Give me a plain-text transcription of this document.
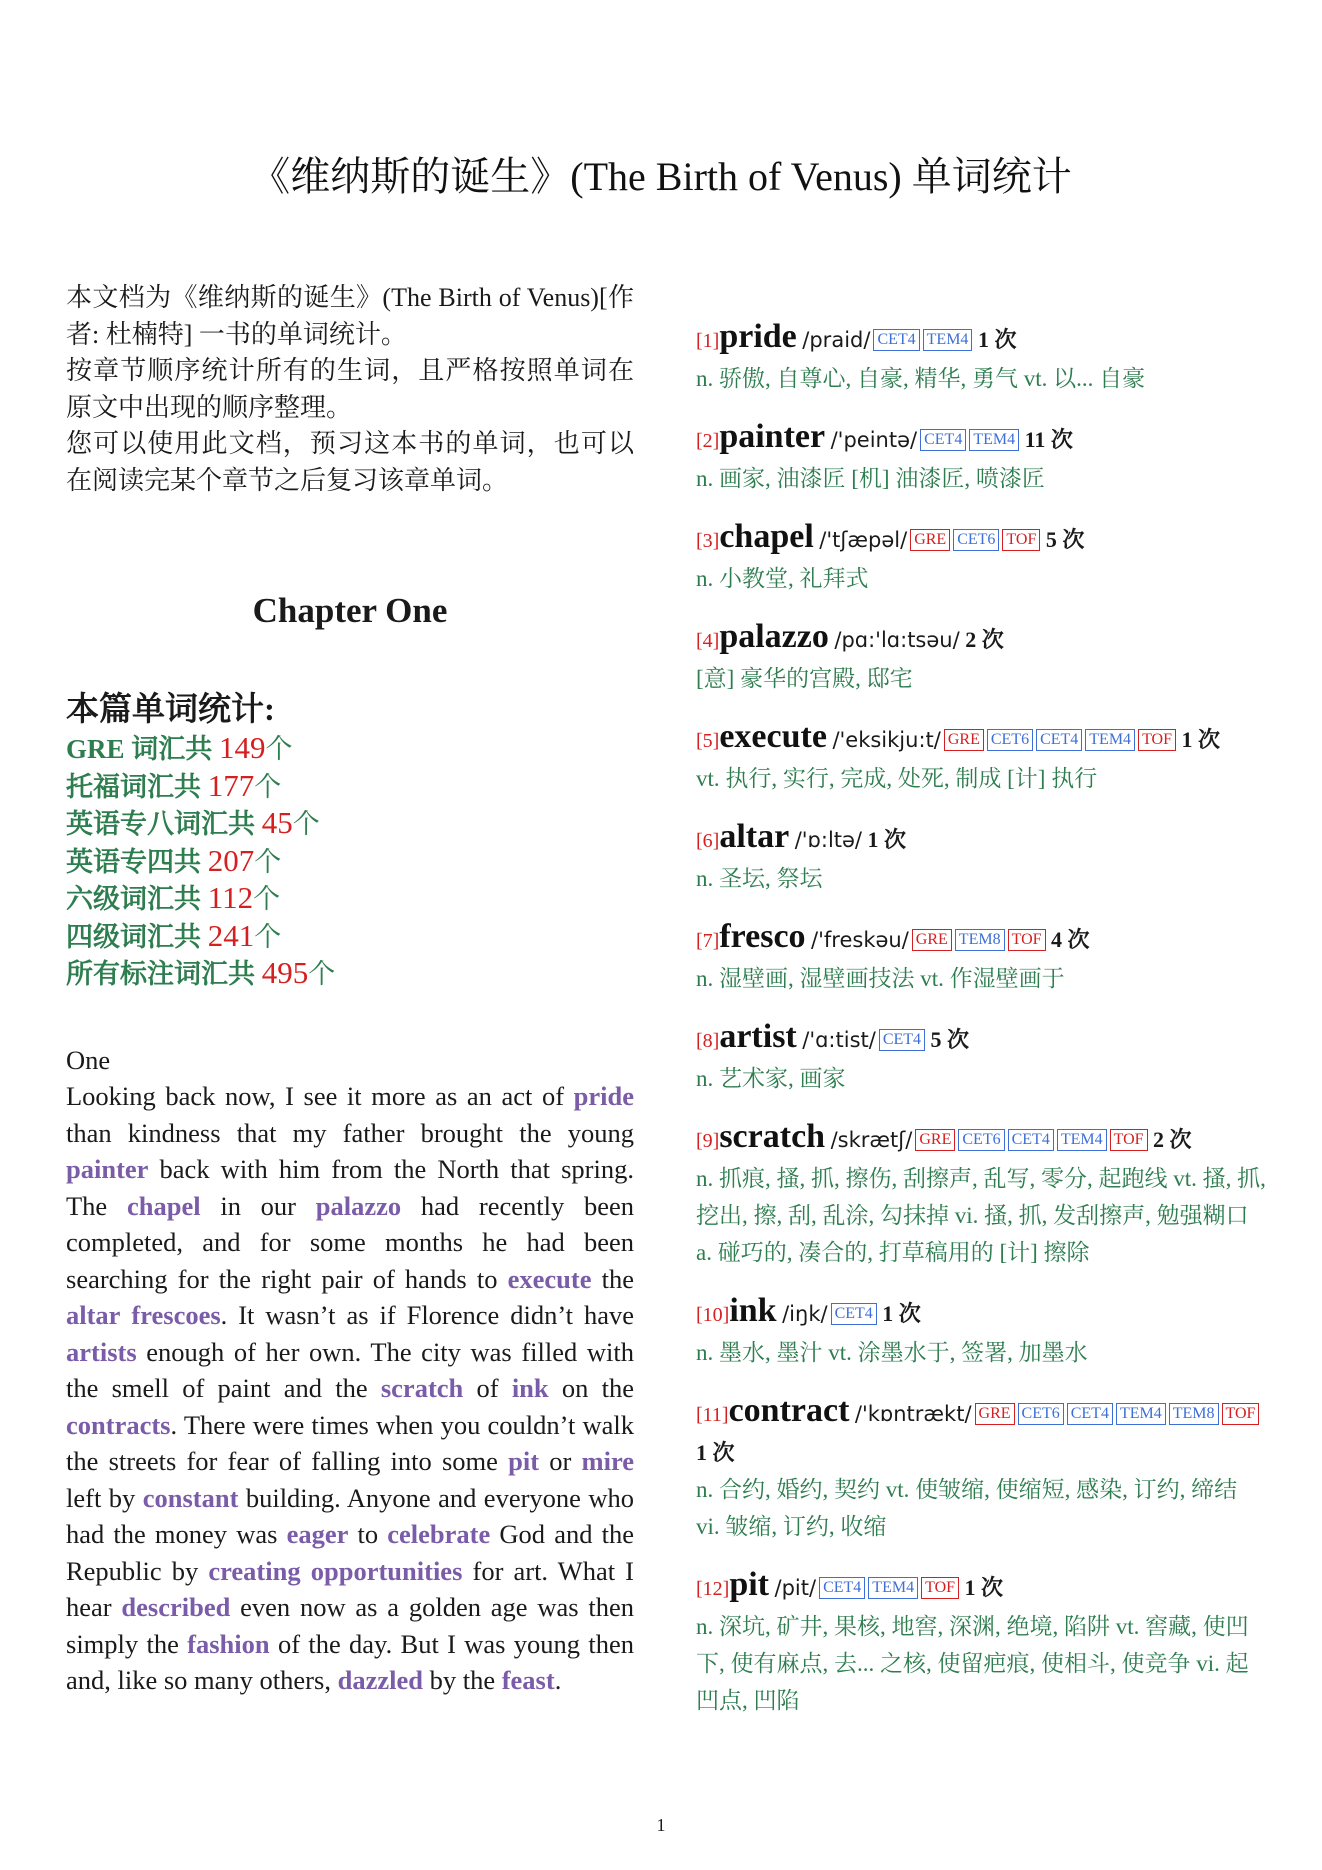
《维纳斯的诞生》(The Birth of Venus) 单词统计

本文档为《维纳斯的诞生》(The Birth of Venus)[作者: 杜楠特] 一书的单词统计。

按章节顺序统计所有的生词，且严格按照单词在原文中出现的顺序整理。

您可以使用此文档，预习这本书的单词，也可以在阅读完某个章节之后复习该章单词。

Chapter One
本篇单词统计:
GRE 词汇共 149个
托福词汇共 177个
英语专八词汇共 45个
英语专四共 207个
六级词汇共 112个
四级词汇共 241个
所有标注词汇共 495个
One
Looking back now, I see it more as an act of pride than kindness that my father brought the young painter back with him from the North that spring. The chapel in our palazzo had recently been completed, and for some months he had been searching for the right pair of hands to execute the altar frescoes. It wasn’t as if Florence didn’t have artists enough of her own. The city was filled with the smell of paint and the scratch of ink on the contracts. There were times when you couldn’t walk the streets for fear of falling into some pit or mire left by constant building. Anyone and everyone who had the money was eager to celebrate God and the Republic by creating opportunities for art. What I hear described even now as a golden age was then simply the fashion of the day. But I was young then and, like so many others, dazzled by the feast.
[1]pride /praid/ CET4 TEM4 1 次
n. 骄傲, 自尊心, 自豪, 精华, 勇气 vt. 以... 自豪
[2]painter /'peintə/ CET4 TEM4 11 次
n. 画家, 油漆匠 [机] 油漆匠, 喷漆匠
[3]chapel /'tʃæpəl/ GRE CET6 TOF 5 次
n. 小教堂, 礼拜式
[4]palazzo /pɑ:'lɑ:tsəu/ 2 次
[意] 豪华的宫殿, 邸宅
[5]execute /'eksikju:t/ GRE CET6 CET4 TEM4 TOF 1 次
vt. 执行, 实行, 完成, 处死, 制成 [计] 执行
[6]altar /'ɒ:ltə/ 1 次
n. 圣坛, 祭坛
[7]fresco /'freskəu/ GRE TEM8 TOF 4 次
n. 湿壁画, 湿壁画技法 vt. 作湿壁画于
[8]artist /'ɑ:tist/ CET4 5 次
n. 艺术家, 画家
[9]scratch /skrætʃ/ GRE CET6 CET4 TEM4 TOF 2 次
n. 抓痕, 搔, 抓, 擦伤, 刮擦声, 乱写, 零分, 起跑线 vt. 搔, 抓, 挖出, 擦, 刮, 乱涂, 勾抹掉 vi. 搔, 抓, 发刮擦声, 勉强糊口 a. 碰巧的, 凑合的, 打草稿用的 [计] 擦除
[10]ink /iŋk/ CET4 1 次
n. 墨水, 墨汁 vt. 涂墨水于, 签署, 加墨水
[11]contract /'kɒntrækt/ GRE CET6 CET4 TEM4 TEM8 TOF 1 次
n. 合约, 婚约, 契约 vt. 使皱缩, 使缩短, 感染, 订约, 缔结 vi. 皱缩, 订约, 收缩
[12]pit /pit/ CET4 TEM4 TOF 1 次
n. 深坑, 矿井, 果核, 地窖, 深渊, 绝境, 陷阱 vt. 窖藏, 使凹下, 使有麻点, 去... 之核, 使留疤痕, 使相斗, 使竞争 vi. 起凹点, 凹陷
1
